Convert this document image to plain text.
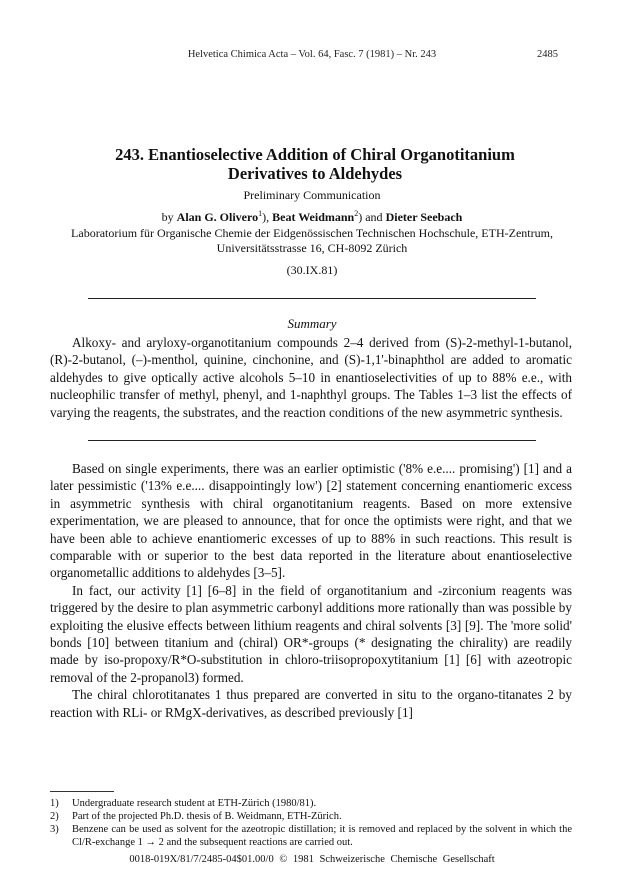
Helvetica Chimica Acta – Vol. 64, Fasc. 7 (1981) – Nr. 243	2485
243. Enantioselective Addition of Chiral Organotitanium Derivatives to Aldehydes
Preliminary Communication
by Alan G. Olivero$^1$), Beat Weidmann$^2$) and Dieter Seebach
Laboratorium für Organische Chemie der Eidgenössischen Technischen Hochschule, ETH-Zentrum,
Universitätsstrasse 16, CH-8092 Zürich
(30.IX.81)
Summary

Alkoxy- and aryloxy-organotitanium compounds 2–4 derived from (S)-2-methyl-1-butanol, (R)-2-butanol, (–)-menthol, quinine, cinchonine, and (S)-1,1'-binaphthol are added to aromatic aldehydes to give optically active alcohols 5–10 in enantioselectivities of up to 88% e.e., with nucleophilic transfer of methyl, phenyl, and 1-naphthyl groups. The Tables 1–3 list the effects of varying the reagents, the substrates, and the reaction conditions of the new asymmetric synthesis.

Based on single experiments, there was an earlier optimistic ('8% e.e.... promising') [1] and a later pessimistic ('13% e.e.... disappointingly low') [2] statement concerning enantiomeric excess in asymmetric synthesis with chiral organotitanium reagents. Based on more extensive experimentation, we are pleased to announce, that for once the optimists were right, and that we have been able to achieve enantiomeric excesses of up to 88% in such reactions. This result is comparable with or superior to the best data reported in the literature about enantioselective organometallic additions to aldehydes [3–5].

In fact, our activity [1] [6–8] in the field of organotitanium and -zirconium reagents was triggered by the desire to plan asymmetric carbonyl additions more rationally than was possible by exploiting the elusive effects between lithium reagents and chiral solvents [3] [9]. The 'more solid' bonds [10] between titanium and (chiral) OR*-groups (* designating the chirality) are readily made by iso-propoxy/R*O-substitution in chloro-triisopropoxytitanium [1] [6] with azeotropic removal of the 2-propanol3) formed.

The chiral chlorotitanates 1 thus prepared are converted in situ to the organo-titanates 2 by reaction with RLi- or RMgX-derivatives, as described previously [1]

1)	Undergraduate research student at ETH-Zürich (1980/81).
2)	Part of the projected Ph.D. thesis of B. Weidmann, ETH-Zürich.
3)	Benzene can be used as solvent for the azeotropic distillation; it is removed and replaced by the solvent in which the Cl/R-exchange 1 → 2 and the subsequent reactions are carried out.
0018-019X/81/7/2485-04$01.00/0 © 1981 Schweizerische Chemische Gesellschaft
